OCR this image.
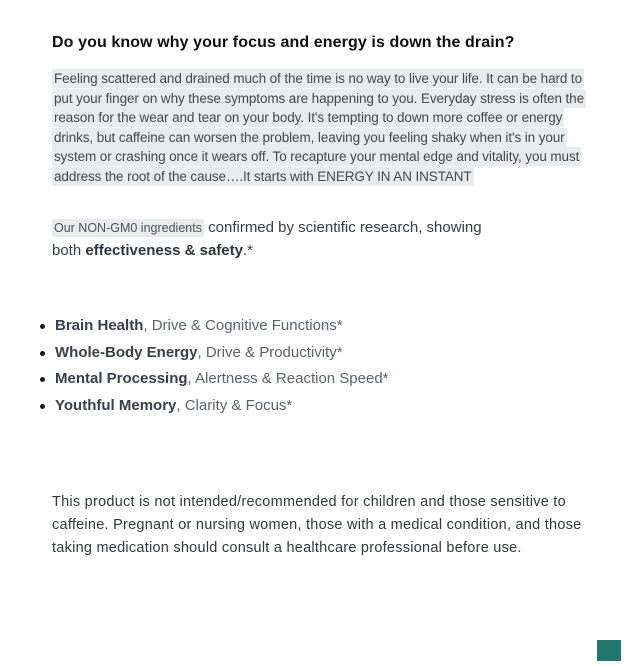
Do you know why your focus and energy is down the drain?

Feeling scattered and drained much of the time is no way to live your life. It can be hard to put your finger on why these symptoms are happening to you. Everyday stress is often the reason for the wear and tear on your body. It's tempting to down more coffee or energy drinks, but caffeine can worsen the problem, leaving you feeling shaky when it's in your system or crashing once it wears off. To recapture your mental edge and vitality, you must address the root of the cause….It starts with ENERGY IN AN INSTANT

Our NON-GM0 ingredients confirmed by scientific research, showing
both effectiveness & safety.*

Brain Health, Drive & Cognitive Functions*
Whole-Body Energy, Drive & Productivity*
Mental Processing, Alertness & Reaction Speed*
Youthful Memory, Clarity & Focus*

This product is not intended/recommended for children and those sensitive to caffeine. Pregnant or nursing women, those with a medical condition, and those taking medication should consult a healthcare professional before use.
